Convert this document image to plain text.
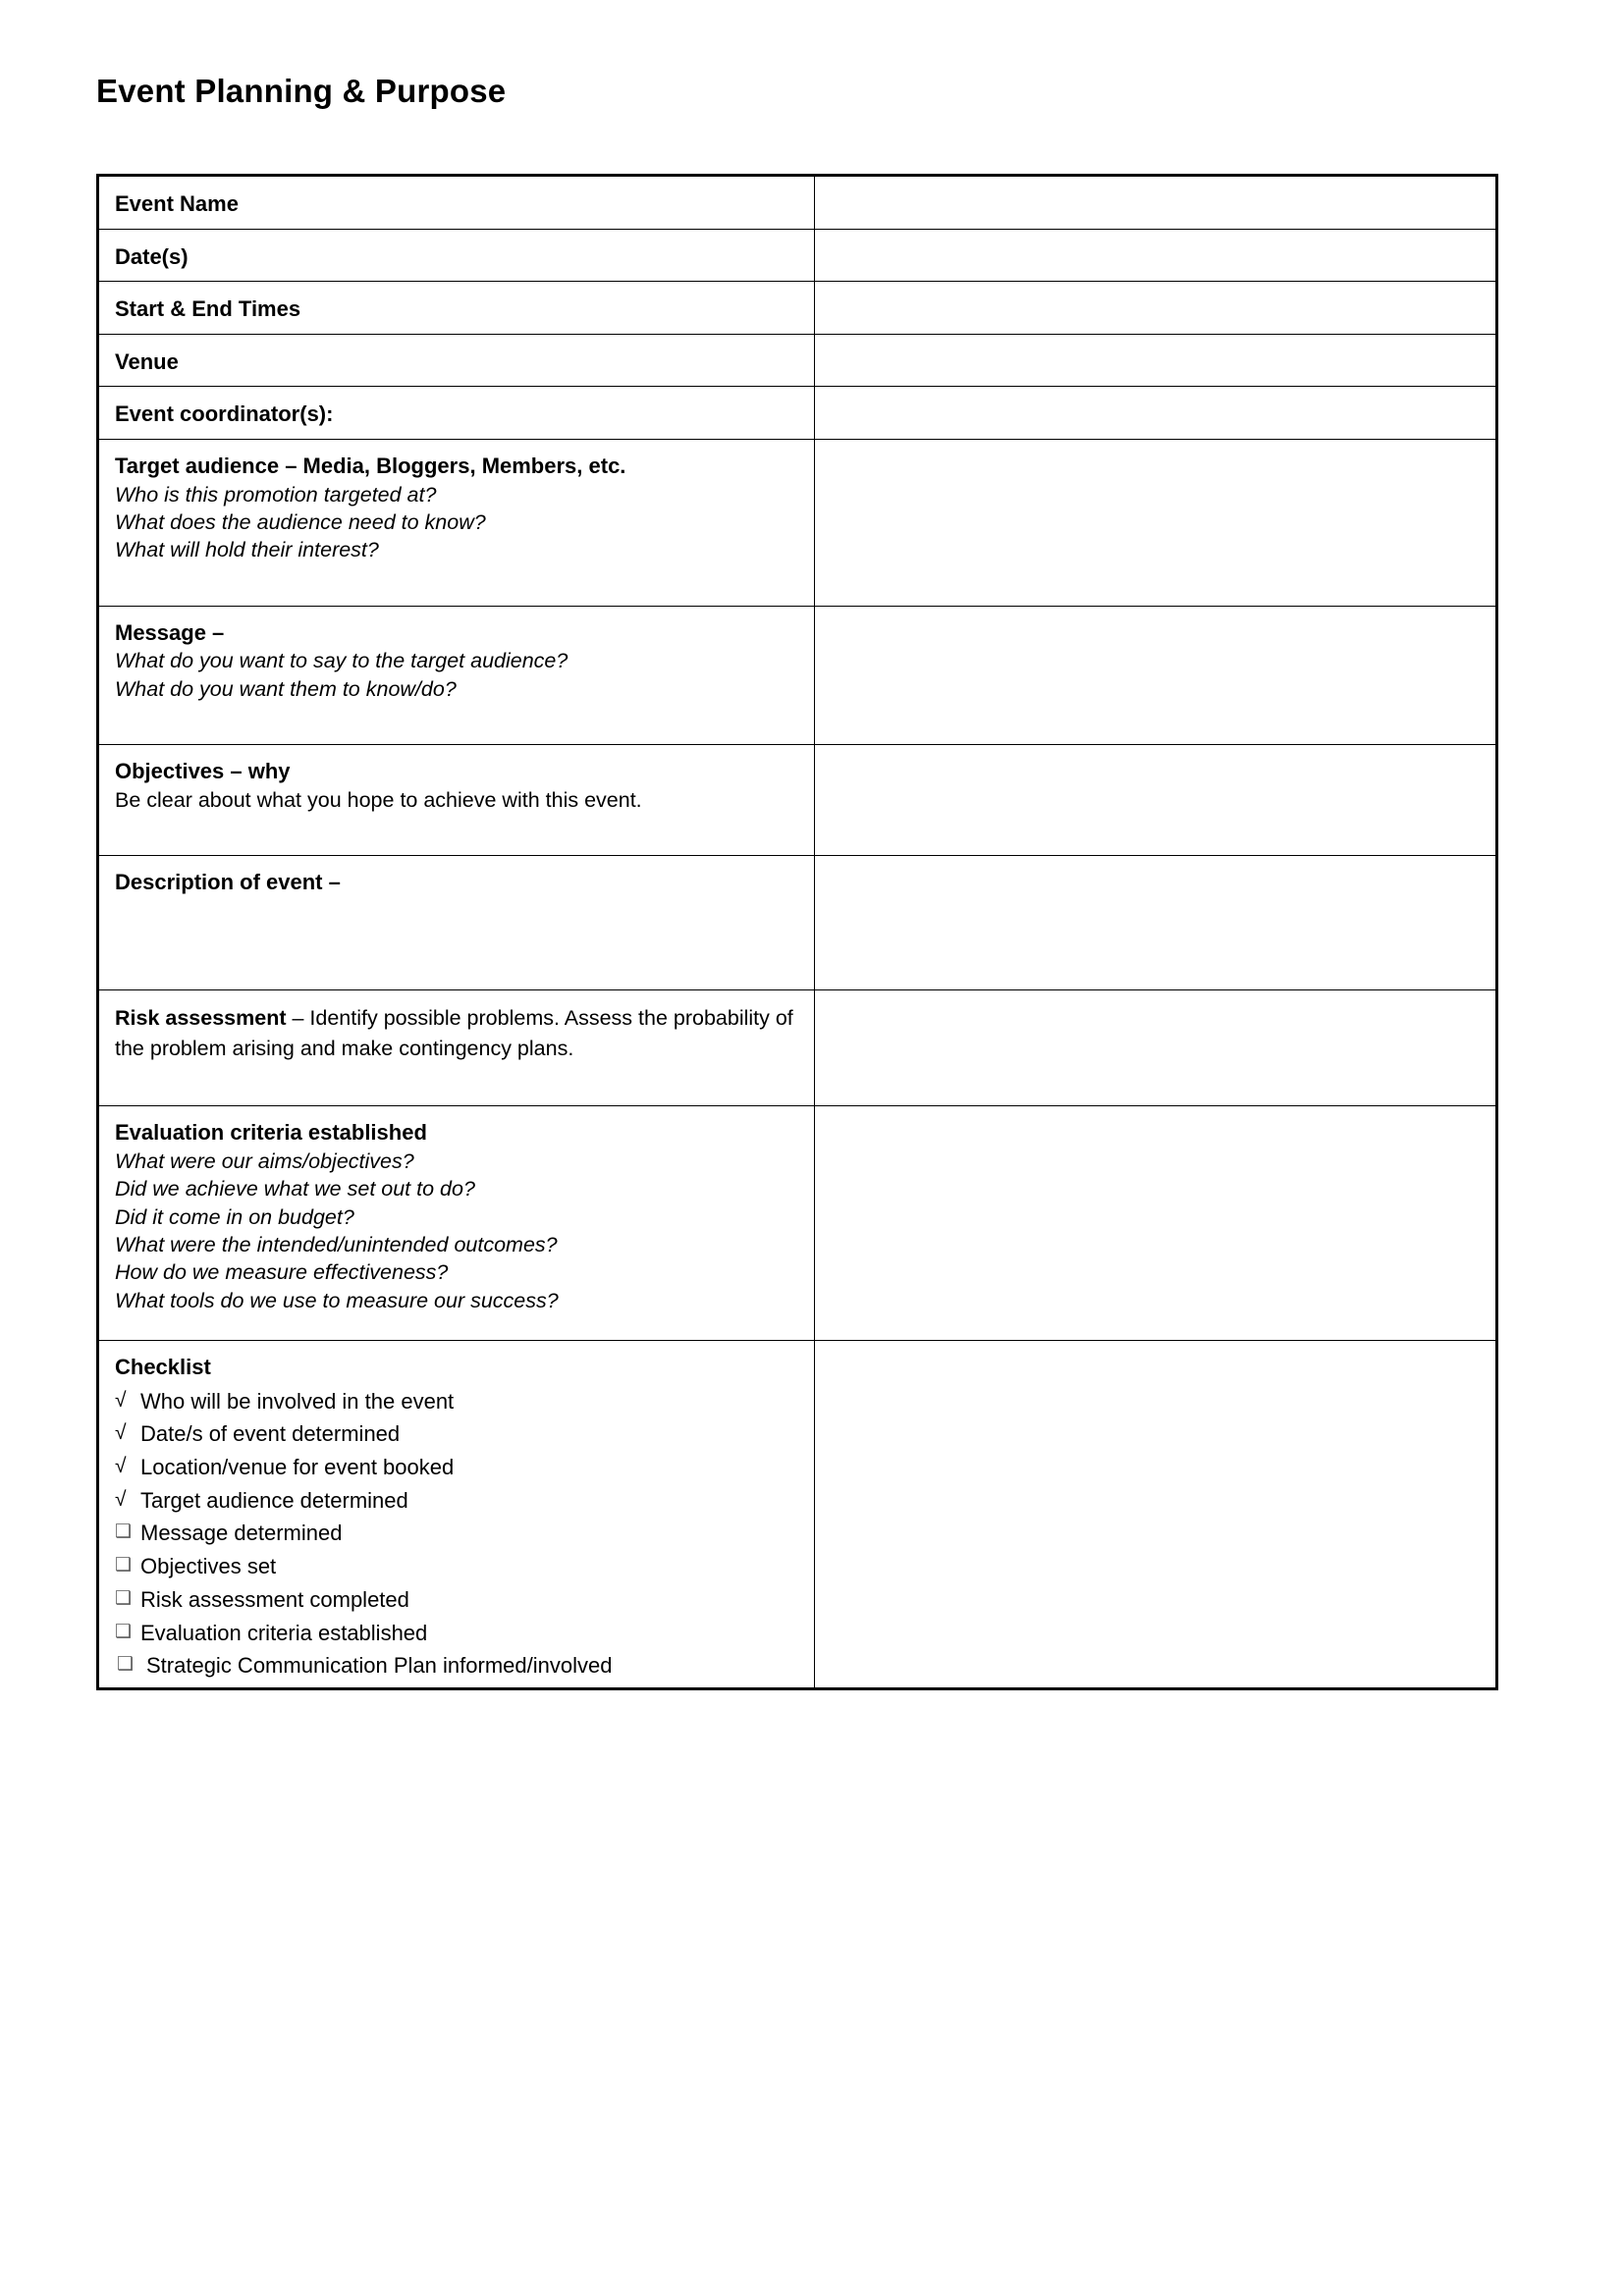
Event Planning & Purpose
Event Name	

Date(s)	

Start & End Times	

Venue	

Event coordinator(s):	

Target audience – Media, Bloggers, Members, etc.
Who is this promotion targeted at?
What does the audience need to know?
What will hold their interest?	

Message –
What do you want to say to the target audience?
What do you want them to know/do?	

Objectives – why
Be clear about what you hope to achieve with this event.	

Description of event –	

Risk assessment – Identify possible problems. Assess the probability of the problem arising and make contingency plans.	

Evaluation criteria established
What were our aims/objectives?
Did we achieve what we set out to do?
Did it come in on budget?
What were the intended/unintended outcomes?
How do we measure effectiveness?
What tools do we use to measure our success?

Checklist
√ Who will be involved in the event
√ Date/s of event determined
√ Location/venue for event booked
√ Target audience determined
❑ Message determined
❑ Objectives set
❑ Risk assessment completed
❑ Evaluation criteria established
❑ Strategic Communication Plan informed/involved
